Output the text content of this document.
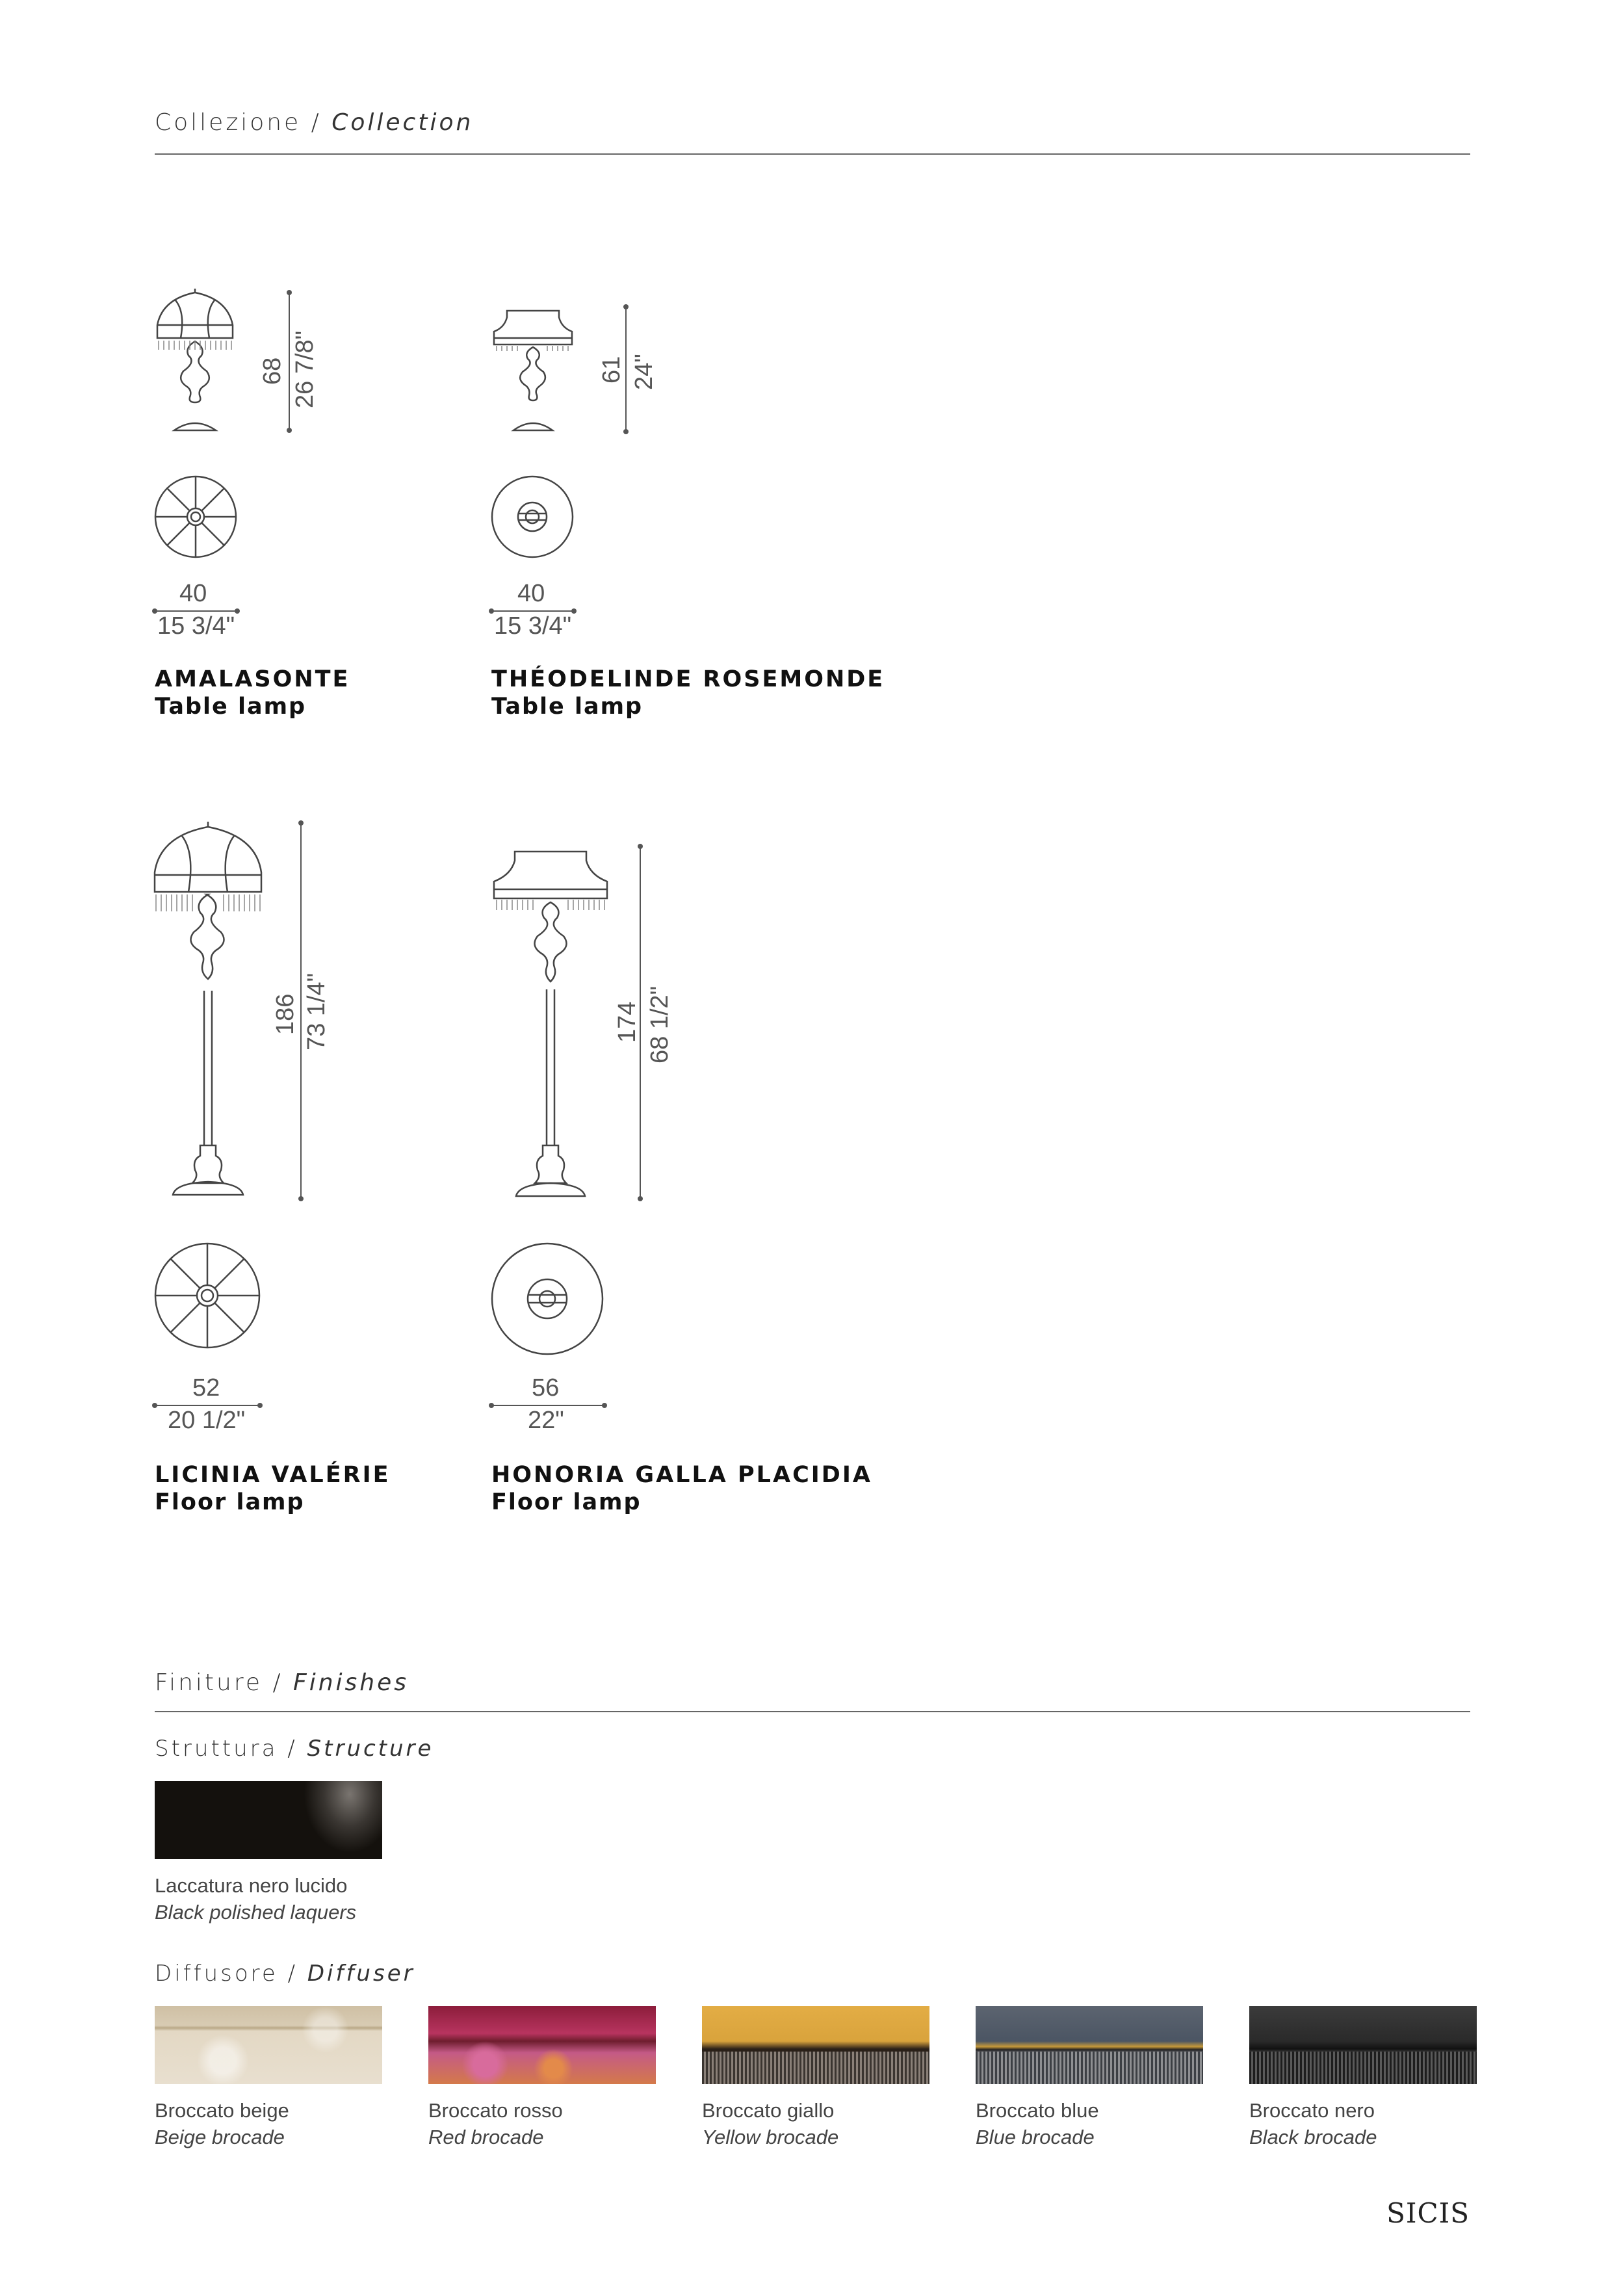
Collezione / Collection
68 26 7/8"
40
15 3/4"
AMALASONTE
Table lamp
61 24"
40
15 3/4"
THÉODELINDE ROSEMONDE
Table lamp
186 73 1/4"
52
20 1/2"
LICINIA VALÉRIE
Floor lamp
174 68 1/2"
56
22"
HONORIA GALLA PLACIDIA
Floor lamp
Finiture / Finishes
Struttura / Structure
Laccatura nero lucido
Black polished laquers
Diffusore / Diffuser
Broccato beige
Beige brocade
Broccato rosso
Red brocade
Broccato giallo
Yellow brocade
Broccato blue
Blue brocade
Broccato nero
Black brocade
SICIS
